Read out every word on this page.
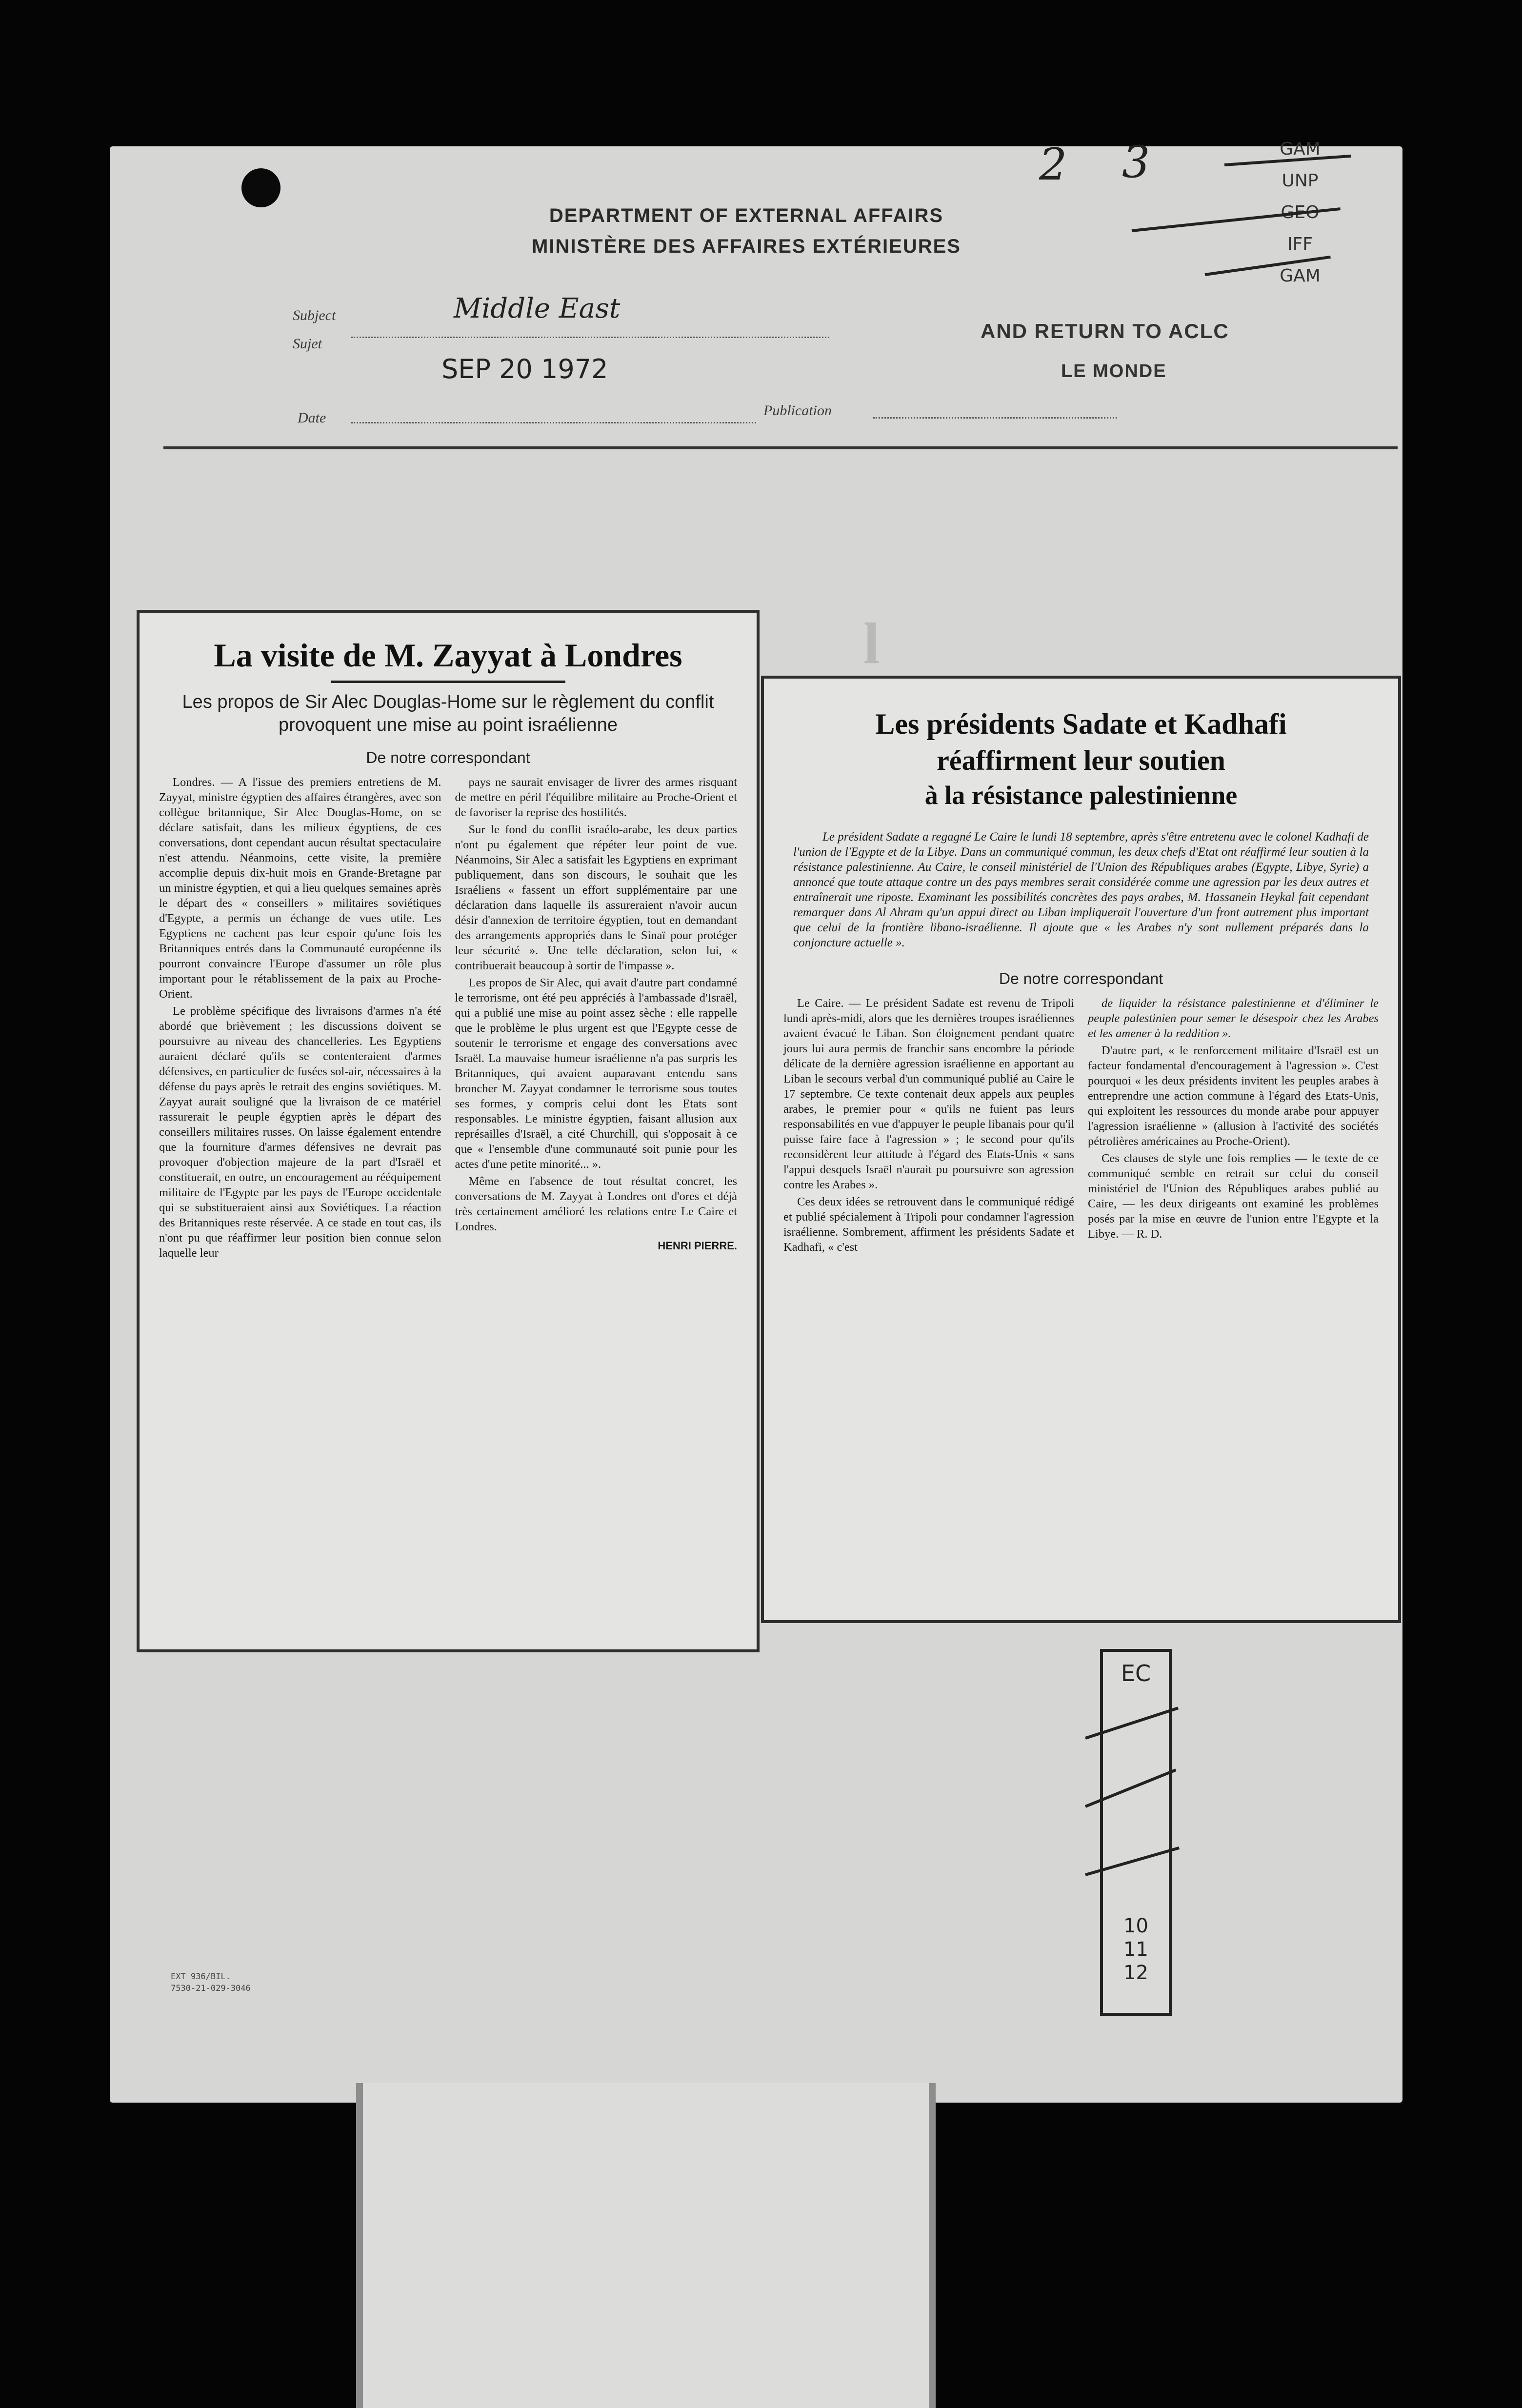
DEPARTMENT OF EXTERNAL AFFAIRS
MINISTÈRE DES AFFAIRES EXTÉRIEURES
Subject
Sujet
Middle East
SEP 20 1972
Date	Publication
AND RETURN TO ACLC
LE MONDE
2 3	GAM
UNP
GEO
IFF
GAM
l
La visite de M. Zayyat à Londres
Les propos de Sir Alec Douglas-Home sur le règlement du conflit provoquent une mise au point israélienne
De notre correspondant

Londres. — A l'issue des premiers entretiens de M. Zayyat, ministre égyptien des affaires étrangères, avec son collègue britannique, Sir Alec Douglas-Home, on se déclare satisfait, dans les milieux égyptiens, de ces conversations, dont cependant aucun résultat spectaculaire n'est attendu. Néanmoins, cette visite, la première accomplie depuis dix-huit mois en Grande-Bretagne par un ministre égyptien, et qui a lieu quelques semaines après le départ des « conseillers » militaires soviétiques d'Egypte, a permis un échange de vues utile. Les Egyptiens ne cachent pas leur espoir qu'une fois les Britanniques entrés dans la Communauté européenne ils pourront convaincre l'Europe d'assumer un rôle plus important pour le rétablissement de la paix au Proche-Orient.

Le problème spécifique des livraisons d'armes n'a été abordé que brièvement ; les discussions doivent se poursuivre au niveau des chancelleries. Les Egyptiens auraient déclaré qu'ils se contenteraient d'armes défensives, en particulier de fusées sol-air, nécessaires à la défense du pays après le retrait des engins soviétiques. M. Zayyat aurait souligné que la livraison de ce matériel rassurerait le peuple égyptien après le départ des conseillers militaires russes. On laisse également entendre que la fourniture d'armes défensives ne devrait pas provoquer d'objection majeure de la part d'Israël et constituerait, en outre, un encouragement au rééquipement militaire de l'Egypte par les pays de l'Europe occidentale qui se substitueraient ainsi aux Soviétiques. La réaction des Britanniques reste réservée. A ce stade en tout cas, ils n'ont pu que réaffirmer leur position bien connue selon laquelle leur

pays ne saurait envisager de livrer des armes risquant de mettre en péril l'équilibre militaire au Proche-Orient et de favoriser la reprise des hostilités.

Sur le fond du conflit israélo-arabe, les deux parties n'ont pu également que répéter leur point de vue. Néanmoins, Sir Alec a satisfait les Egyptiens en exprimant publiquement, dans son discours, le souhait que les Israéliens « fassent un effort supplémentaire par une déclaration dans laquelle ils assureraient n'avoir aucun désir d'annexion de territoire égyptien, tout en demandant des arrangements appropriés dans le Sinaï pour protéger leur sécurité ». Une telle déclaration, selon lui, « contribuerait beaucoup à sortir de l'impasse ».

Les propos de Sir Alec, qui avait d'autre part condamné le terrorisme, ont été peu appréciés à l'ambassade d'Israël, qui a publié une mise au point assez sèche : elle rappelle que le problème le plus urgent est que l'Egypte cesse de soutenir le terrorisme et engage des conversations avec Israël. La mauvaise humeur israélienne n'a pas surpris les Britanniques, qui avaient auparavant entendu sans broncher M. Zayyat condamner le terrorisme sous toutes ses formes, y compris celui dont les Etats sont responsables. Le ministre égyptien, faisant allusion aux représailles d'Israël, a cité Churchill, qui s'opposait à ce que « l'ensemble d'une communauté soit punie pour les actes d'une petite minorité... ».

Même en l'absence de tout résultat concret, les conversations de M. Zayyat à Londres ont d'ores et déjà très certainement amélioré les relations entre Le Caire et Londres.

HENRI PIERRE.
Les présidents Sadate et Kadhafi
réaffirment leur soutien
à la résistance palestinienne

Le président Sadate a regagné Le Caire le lundi 18 septembre, après s'être entretenu avec le colonel Kadhafi de l'union de l'Egypte et de la Libye. Dans un communiqué commun, les deux chefs d'Etat ont réaffirmé leur soutien à la résistance palestinienne. Au Caire, le conseil ministériel de l'Union des Républiques arabes (Egypte, Libye, Syrie) a annoncé que toute attaque contre un des pays membres serait considérée comme une agression par les deux autres et entraînerait une riposte. Examinant les possibilités concrètes des pays arabes, M. Hassanein Heykal fait cependant remarquer dans Al Ahram qu'un appui direct au Liban impliquerait l'ouverture d'un front autrement plus important que celui de la frontière libano-israélienne. Il ajoute que « les Arabes n'y sont nullement préparés dans la conjoncture actuelle ».

De notre correspondant

Le Caire. — Le président Sadate est revenu de Tripoli lundi après-midi, alors que les dernières troupes israéliennes avaient évacué le Liban. Son éloignement pendant quatre jours lui aura permis de franchir sans encombre la période délicate de la dernière agression israélienne en apportant au Liban le secours verbal d'un communiqué publié au Caire le 17 septembre. Ce texte contenait deux appels aux peuples arabes, le premier pour « qu'ils ne fuient pas leurs responsabilités en vue d'appuyer le peuple libanais pour qu'il puisse faire face à l'agression » ; le second pour qu'ils reconsidèrent leur attitude à l'égard des Etats-Unis « sans l'appui desquels Israël n'aurait pu poursuivre son agression contre les Arabes ».

Ces deux idées se retrouvent dans le communiqué rédigé et publié spécialement à Tripoli pour condamner l'agression israélienne. Sombrement, affirment les présidents Sadate et Kadhafi, « c'est

de liquider la résistance palestinienne et d'éliminer le peuple palestinien pour semer le désespoir chez les Arabes et les amener à la reddition ».

D'autre part, « le renforcement militaire d'Israël est un facteur fondamental d'encouragement à l'agression ». C'est pourquoi « les deux présidents invitent les peuples arabes à entreprendre une action commune à l'égard des Etats-Unis, qui exploitent les ressources du monde arabe pour appuyer l'agression israélienne » (allusion à l'activité des sociétés pétrolières américaines au Proche-Orient).

Ces clauses de style une fois remplies — le texte de ce communiqué semble en retrait sur celui du conseil ministériel de l'Union des Républiques arabes publié au Caire, — les deux dirigeants ont examiné les problèmes posés par la mise en œuvre de l'union entre l'Egypte et la Libye. — R. D.

EXT 936/BIL.
7530-21-029-3046
EC
10
11
12
